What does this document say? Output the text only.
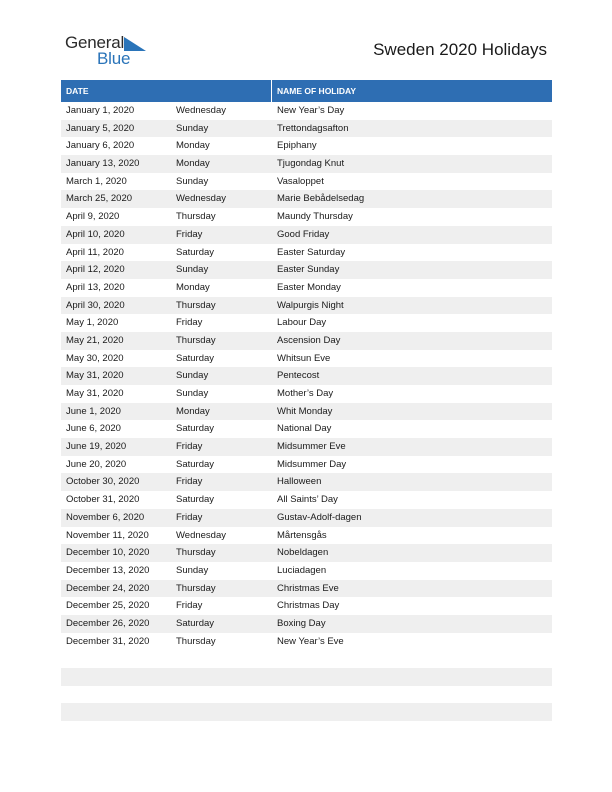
General
Blue	Sweden 2020 Holidays
DATE	NAME OF HOLIDAY
January 1, 2020	Wednesday	New Year’s Day
January 5, 2020	Sunday	Trettondagsafton
January 6, 2020	Monday	Epiphany
January 13, 2020	Monday	Tjugondag Knut
March 1, 2020	Sunday	Vasaloppet
March 25, 2020	Wednesday	Marie Bebådelsedag
April 9, 2020	Thursday	Maundy Thursday
April 10, 2020	Friday	Good Friday
April 11, 2020	Saturday	Easter Saturday
April 12, 2020	Sunday	Easter Sunday
April 13, 2020	Monday	Easter Monday
April 30, 2020	Thursday	Walpurgis Night
May 1, 2020	Friday	Labour Day
May 21, 2020	Thursday	Ascension Day
May 30, 2020	Saturday	Whitsun Eve
May 31, 2020	Sunday	Pentecost
May 31, 2020	Sunday	Mother’s Day
June 1, 2020	Monday	Whit Monday
June 6, 2020	Saturday	National Day
June 19, 2020	Friday	Midsummer Eve
June 20, 2020	Saturday	Midsummer Day
October 30, 2020	Friday	Halloween
October 31, 2020	Saturday	All Saints’ Day
November 6, 2020	Friday	Gustav-Adolf-dagen
November 11, 2020	Wednesday	Mårtensgås
December 10, 2020	Thursday	Nobeldagen
December 13, 2020	Sunday	Luciadagen
December 24, 2020	Thursday	Christmas Eve
December 25, 2020	Friday	Christmas Day
December 26, 2020	Saturday	Boxing Day
December 31, 2020	Thursday	New Year’s Eve
